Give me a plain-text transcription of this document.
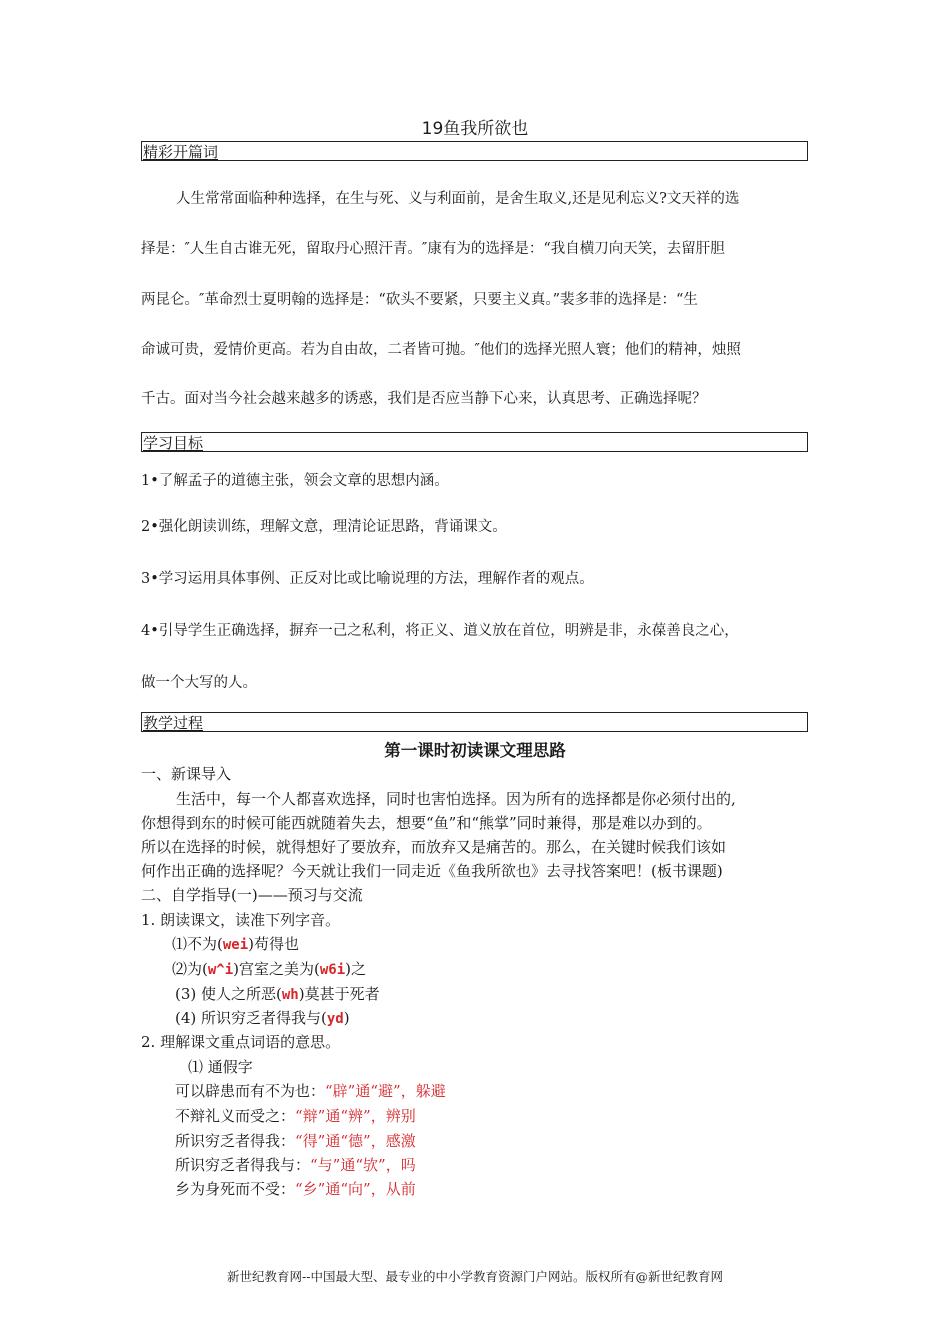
19鱼我所欲也
精彩开篇词
人生常常面临种种选择，在生与死、义与利面前，是舍生取义,还是见利忘义?文天祥的选
择是：″人生自古谁无死，留取丹心照汗青。″康有为的选择是：“我自横刀向天笑，去留肝胆
两昆仑。″革命烈士夏明翰的选择是：“砍头不要紧，只要主义真。”裴多菲的选择是：“生
命诚可贵，爱情价更高。若为自由故，二者皆可抛。″他们的选择光照人寰；他们的精神，烛照
千古。面对当今社会越来越多的诱惑，我们是否应当静下心来，认真思考、正确选择呢？
学习目标
1•了解孟子的道德主张，领会文章的思想内涵。
2•强化朗读训练，理解文意，理清论证思路，背诵课文。
3•学习运用具体事例、正反对比或比喻说理的方法，理解作者的观点。
4•引导学生正确选择，摒弃一己之私利，将正义、道义放在首位，明辨是非，永葆善良之心，
做一个大写的人。
教学过程
第一课时初读课文理思路
一、新课导入
生活中，每一个人都喜欢选择，同时也害怕选择。因为所有的选择都是你必须付出的,
你想得到东的时候可能西就随着失去，想要“鱼”和“熊掌”同时兼得，那是难以办到的。
所以在选择的时候，就得想好了要放弃，而放弃又是痛苦的。那么，在关键时候我们该如
何作出正确的选择呢？今天就让我们一同走近《鱼我所欲也》去寻找答案吧！(板书课题)
二、自学指导(一)——预习与交流
1. 朗读课文，读准下列字音。
⑴不为(wei)苟得也
⑵为(w^i)宫室之美为(w6i)之
(3) 使人之所恶(wh)莫甚于死者
(4) 所识穷乏者得我与(yd)
2. 理解课文重点词语的意思。
⑴ 通假字
可以辟患而有不为也：“辟”通“避”，躲避
不辩礼义而受之：“辩”通“辨”，辨别
所识穷乏者得我：“得”通“德”，感激
所识穷乏者得我与：“与”通“欤”，吗
乡为身死而不受：“乡”通“向”，从前
新世纪教育网--中国最大型、最专业的中小学教育资源门户网站。版权所有@新世纪教育网
